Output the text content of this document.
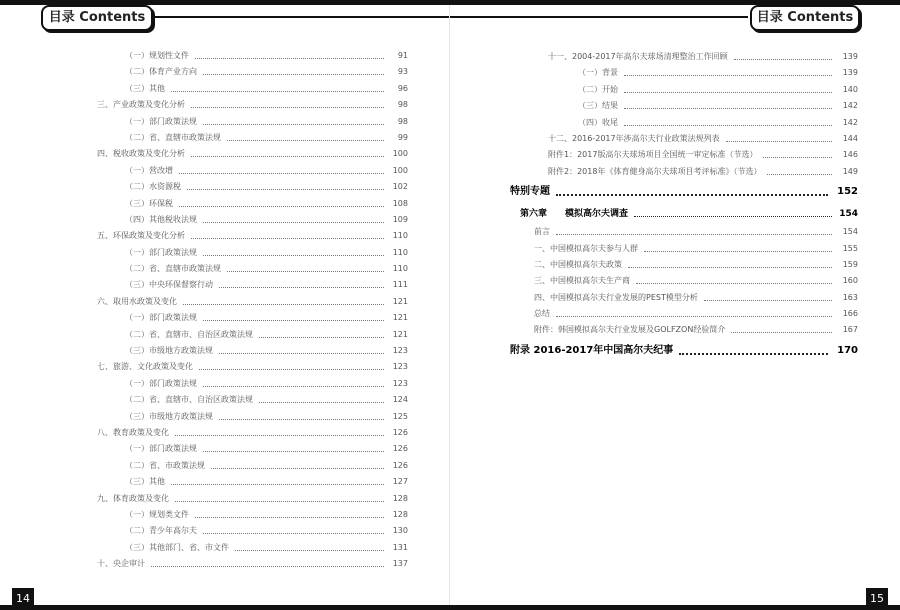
目录 Contents	目录 Contents
（一）规划性文件	91
（二）体育产业方向	93
（三）其他	96
三、产业政策及变化分析	98
（一）部门政策法规	98
（二）省、直辖市政策法规	99
四、税收政策及变化分析	100
（一）营改增	100
（二）水资源税	102
（三）环保税	108
（四）其他税收法规	109
五、环保政策及变化分析	110
（一）部门政策法规	110
（二）省、直辖市政策法规	110
（三）中央环保督察行动	111
六、取用水政策及变化	121
（一）部门政策法规	121
（二）省、直辖市、自治区政策法规	121
（三）市级地方政策法规	123
七、旅游、文化政策及变化	123
（一）部门政策法规	123
（二）省、直辖市、自治区政策法规	124
（三）市级地方政策法规	125
八、教育政策及变化	126
（一）部门政策法规	126
（二）省、市政策法规	126
（三）其他	127
九、体育政策及变化	128
（一）规划类文件	128
（二）青少年高尔夫	130
（三）其他部门、省、市文件	131
十、央企审计	137
十一、2004-2017年高尔夫球场清理整治工作回顾	139
（一）背景	139
（二）开始	140
（三）结果	142
（四）收尾	142
十二、2016-2017年涉高尔夫行业政策法规列表	144
附件1：2017版高尔夫球场项目全国统一审定标准（节选）	146
附件2：2018年《体育健身高尔夫球项目考评标准》（节选）	149
特别专题	152
第六章　　模拟高尔夫调查	154
前言	154
一、中国模拟高尔夫参与人群	155
二、中国模拟高尔夫政策	159
三、中国模拟高尔夫生产商	160
四、中国模拟高尔夫行业发展的PEST模型分析	163
总结	166
附件：韩国模拟高尔夫行业发展及GOLFZON经验简介	167
附录 2016-2017年中国高尔夫纪事	170
14	15
